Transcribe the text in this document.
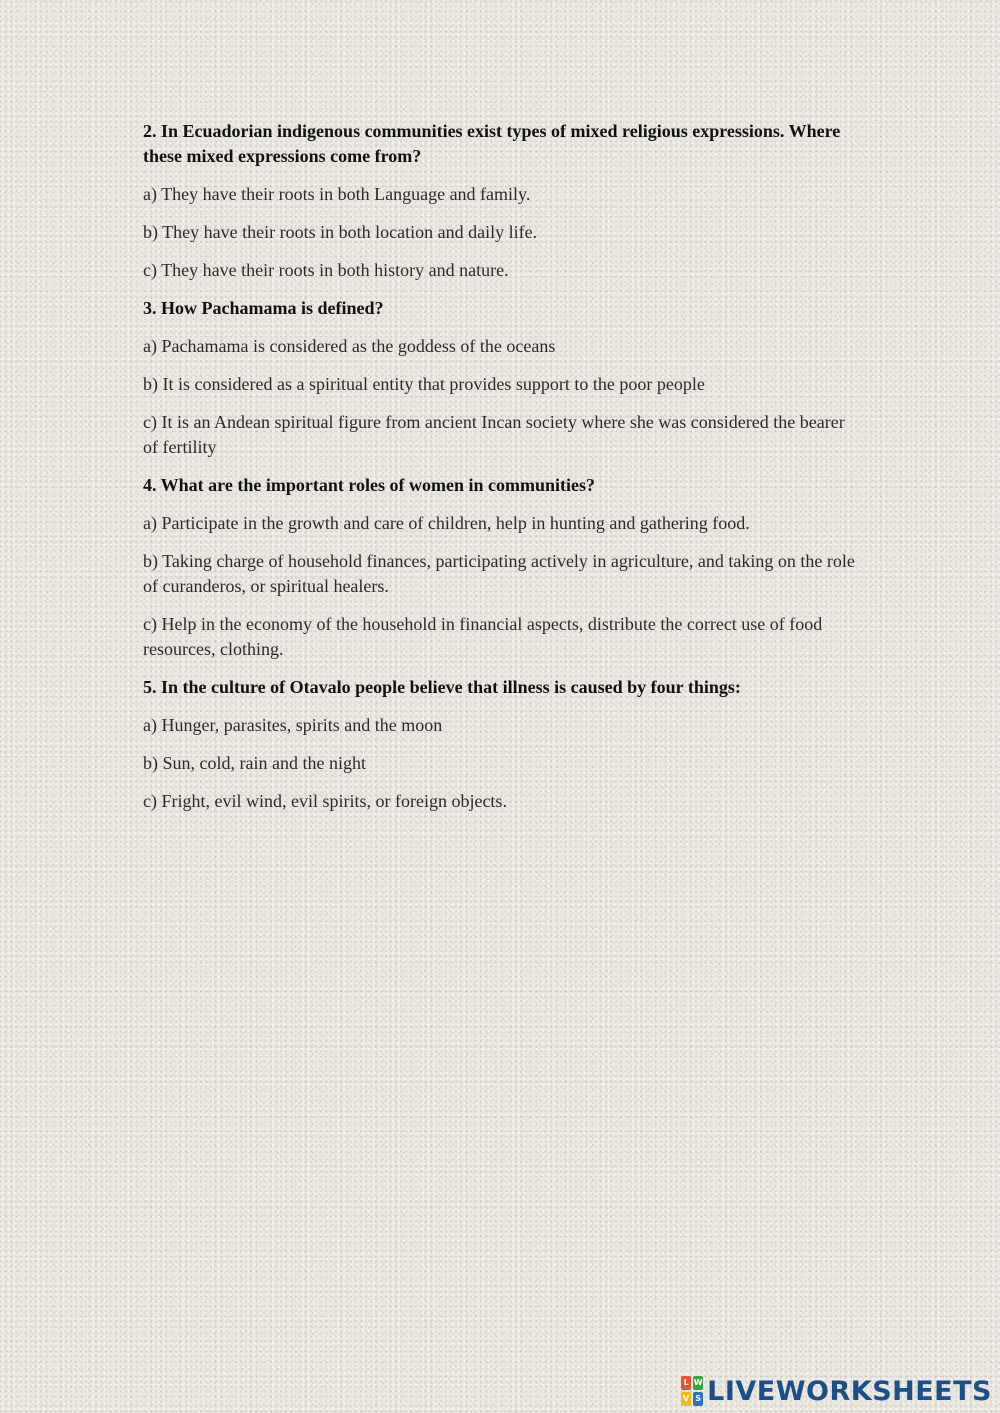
2. In Ecuadorian indigenous communities exist types of mixed religious expressions. Where these mixed expressions come from?

a) They have their roots in both Language and family.

b) They have their roots in both location and daily life.

c) They have their roots in both history and nature.

3. How Pachamama is defined?

a) Pachamama is considered as the goddess of the oceans

b) It is considered as a spiritual entity that provides support to the poor people

c) It is an Andean spiritual figure from ancient Incan society where she was considered the bearer of fertility

4. What are the important roles of women in communities?

a) Participate in the growth and care of children, help in hunting and gathering food.

b) Taking charge of household finances, participating actively in agriculture, and taking on the role of curanderos, or spiritual healers.

c) Help in the economy of the household in financial aspects, distribute the correct use of food resources, clothing.

5. In the culture of Otavalo people believe that illness is caused by four things:

a) Hunger, parasites, spirits and the moon

b) Sun, cold, rain and the night

c) Fright, evil wind, evil spirits, or foreign objects.

L W
V S LIVEWORKSHEETS
